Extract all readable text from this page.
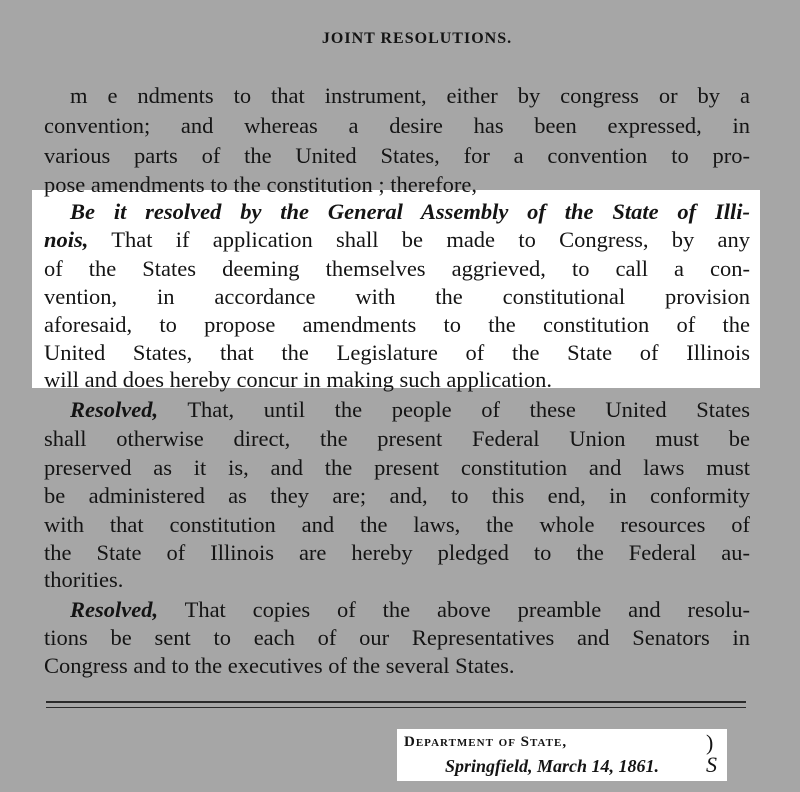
JOINT RESOLUTIONS.
m e ndments to that instrument, either by congress or by a
convention; and whereas a desire has been expressed, in
various parts of the United States, for a convention to pro-
pose amendments to the constitution ; therefore,
Be it resolved by the General Assembly of the State of Illi-
nois, That if application shall be made to Congress, by any
of the States deeming themselves aggrieved, to call a con-
vention, in accordance with the constitutional provision
aforesaid, to propose amendments to the constitution of the
United States, that the Legislature of the State of Illinois
will and does hereby concur in making such application.
Resolved, That, until the people of these United States
shall otherwise direct, the present Federal Union must be
preserved as it is, and the present constitution and laws must
be administered as they are; and, to this end, in conformity
with that constitution and the laws, the whole resources of
the State of Illinois are hereby pledged to the Federal au-
thorities.
Resolved, That copies of the above preamble and resolu-
tions be sent to each of our Representatives and Senators in
Congress and to the executives of the several States.
Department of State,
Springfield, March 14, 1861.
)
S
